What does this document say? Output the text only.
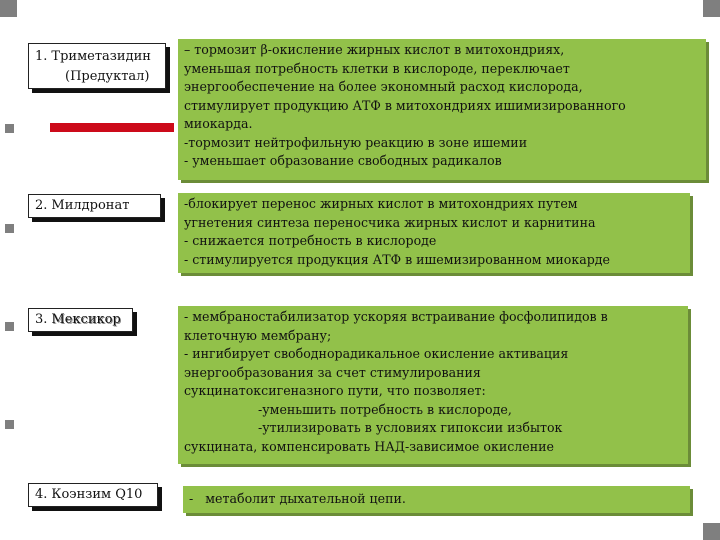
1. Триметазидин
(Предуктал)
– тормозит β-окисление жирных кислот в митохондриях,
уменьшая потребность клетки в кислороде, переключает
энергообеспечение на более экономный расход кислорода,
стимулирует продукцию АТФ в митохондриях ишимизированного
миокарда.
-тормозит нейтрофильную реакцию в зоне ишемии
- уменьшает образование свободных радикалов
2. Милдронат	-блокирует перенос жирных кислот в митохондриях путем
угнетения синтеза переносчика жирных кислот и карнитина
- снижается потребность в кислороде
- стимулируется продукция АТФ в ишемизированном миокарде
3. Мексикор	- мембраностабилизатор ускоряя встраивание фосфолипидов в
клеточную мембрану;
- ингибирует свободнорадикальное окисление активация
энергообразования за счет стимулирования
сукцинатоксигеназного пути, что позволяет:
-уменьшить потребность в кислороде,
-утилизировать в условиях гипоксии избыток
сукцината, компенсировать НАД-зависимое окисление
4. Коэнзим Q10	-   метаболит дыхательной цепи.
